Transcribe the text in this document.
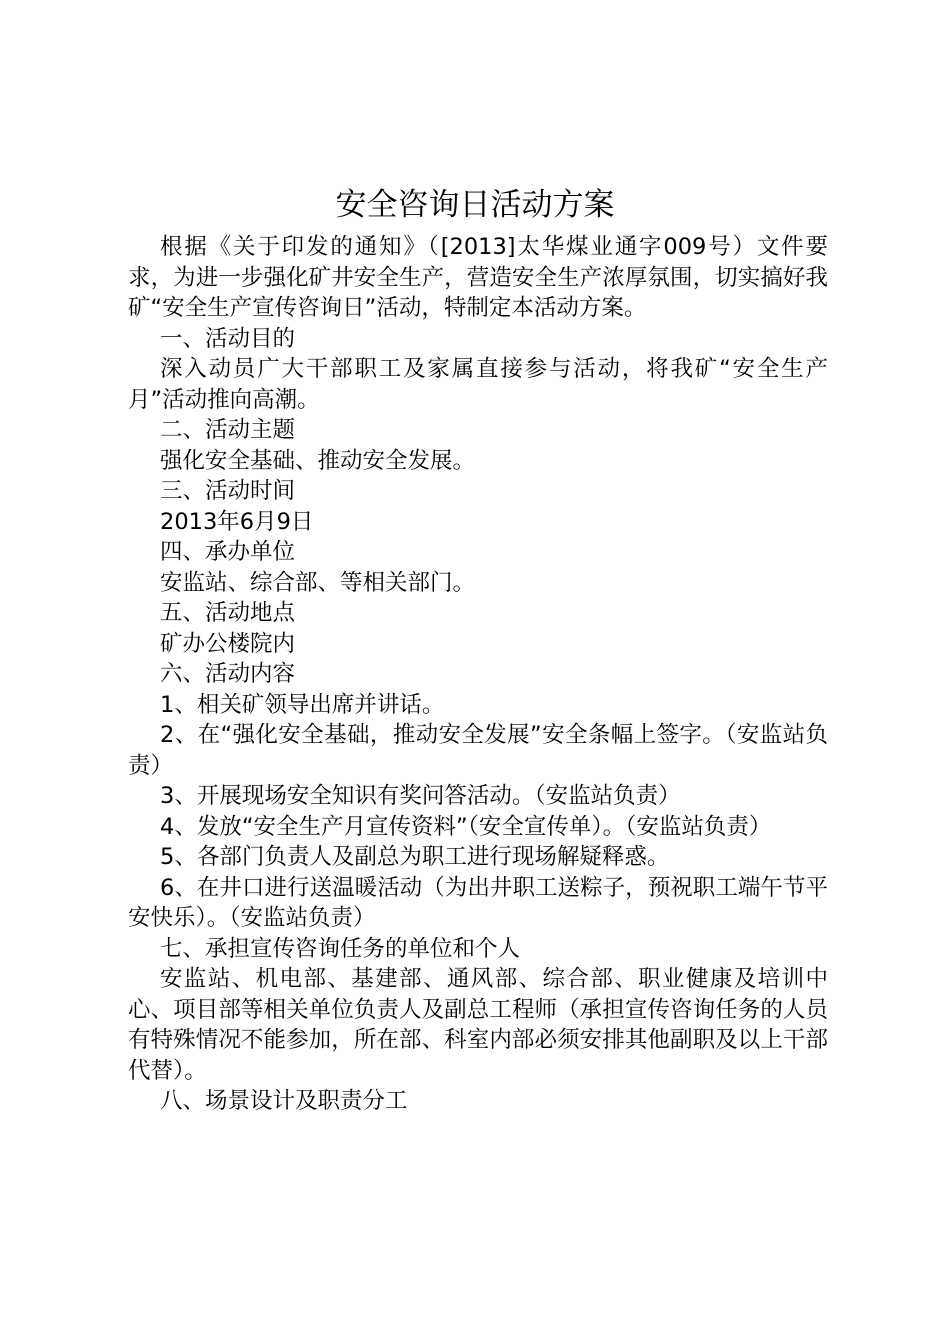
安全咨询日活动方案

根据《关于印发的通知》（[2013]太华煤业通字009号）文件要求，为进一步强化矿井安全生产，营造安全生产浓厚氛围，切实搞好我矿“安全生产宣传咨询日”活动，特制定本活动方案。

一、活动目的

深入动员广大干部职工及家属直接参与活动，将我矿“安全生产月”活动推向高潮。

二、活动主题

强化安全基础、推动安全发展。

三、活动时间

2013年6月9日

四、承办单位

安监站、综合部、等相关部门。

五、活动地点

矿办公楼院内

六、活动内容

1、相关矿领导出席并讲话。

2、在“强化安全基础，推动安全发展”安全条幅上签字。（安监站负责）

3、开展现场安全知识有奖问答活动。（安监站负责）

4、发放“安全生产月宣传资料”（安全宣传单）。（安监站负责）

5、各部门负责人及副总为职工进行现场解疑释惑。

6、在井口进行送温暖活动（为出井职工送粽子，预祝职工端午节平安快乐）。（安监站负责）

七、承担宣传咨询任务的单位和个人

安监站、机电部、基建部、通风部、综合部、职业健康及培训中心、项目部等相关单位负责人及副总工程师（承担宣传咨询任务的人员有特殊情况不能参加，所在部、科室内部必须安排其他副职及以上干部代替）。

八、场景设计及职责分工
